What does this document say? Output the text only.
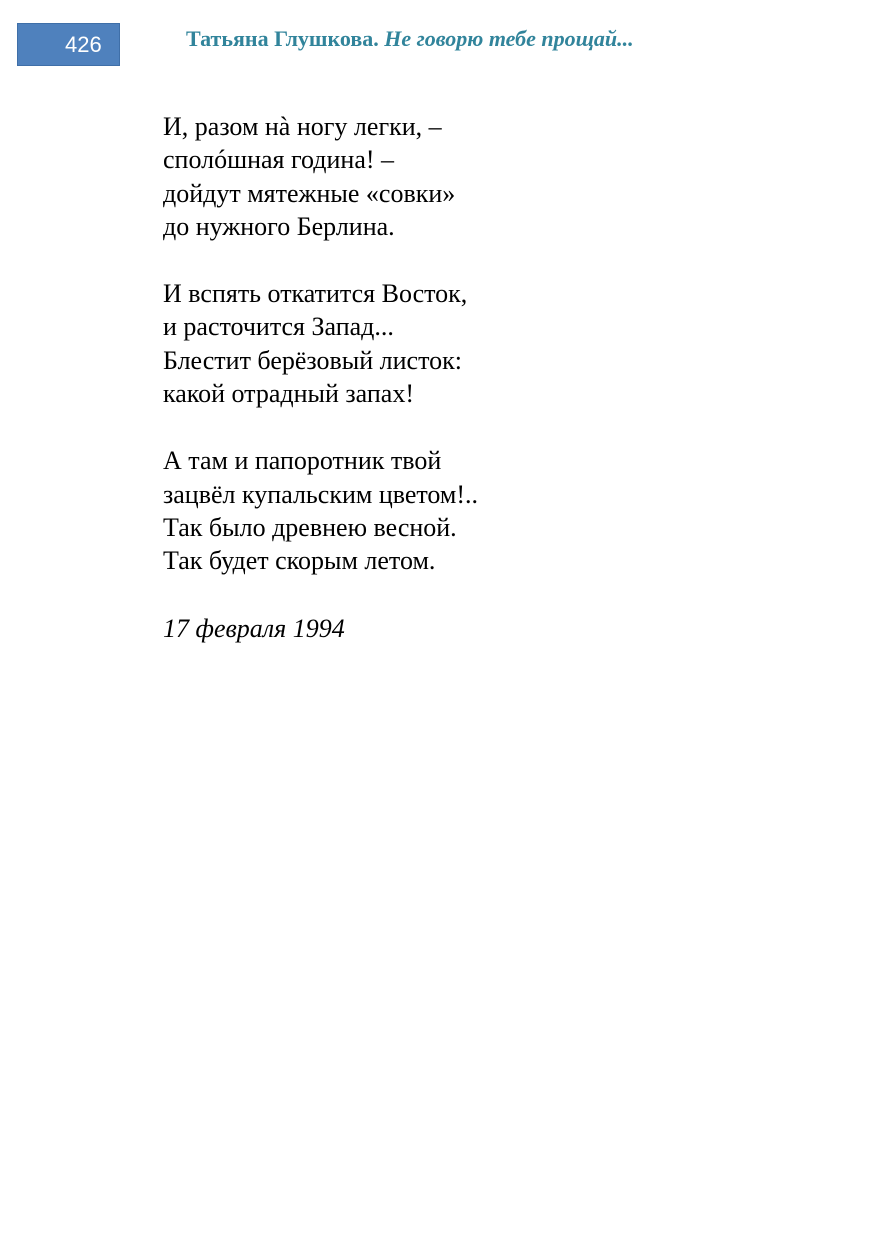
426	Татьяна Глушкова. Не говорю тебе прощай...
И, разом нà ногу легки, –
сполóшная година! –
дойдут мятежные «совки»
до нужного Берлина.
И вспять откатится Восток,
и расточится Запад...
Блестит берёзовый листок:
какой отрадный запах!
А там и папоротник твой
зацвёл купальским цветом!..
Так было древнею весной.
Так будет скорым летом.
17 февраля 1994
